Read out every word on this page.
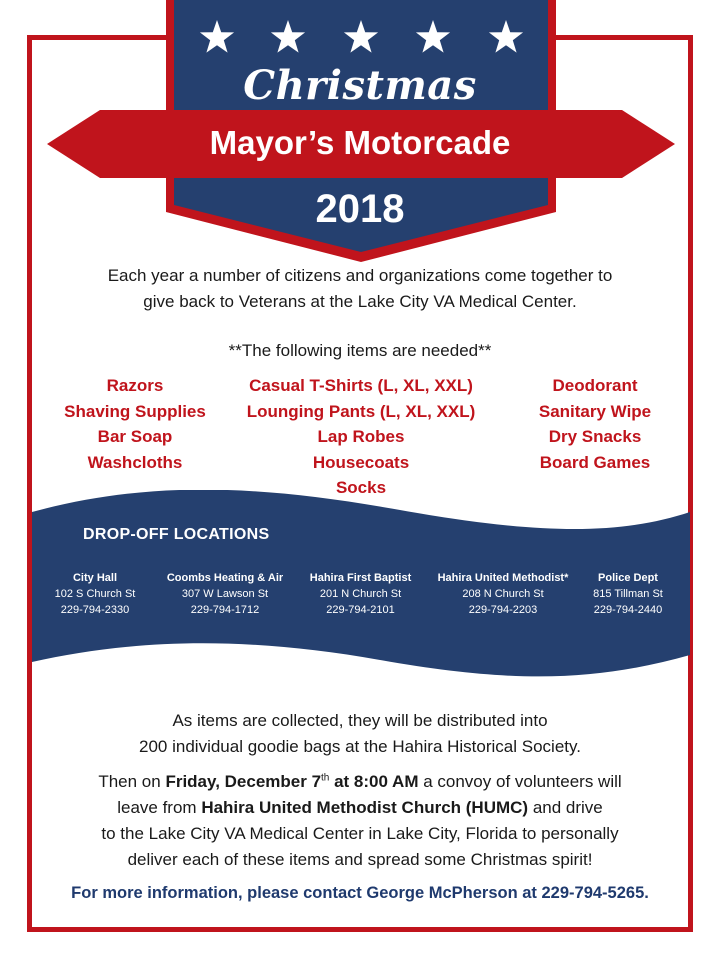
Christmas
Mayor’s Motorcade
2018
Each year a number of citizens and organizations come together to
give back to Veterans at the Lake City VA Medical Center.
**The following items are needed**
Razors
Shaving Supplies
Bar Soap
Washcloths
Casual T-Shirts (L, XL, XXL)
Lounging Pants (L, XL, XXL)
Lap Robes
Housecoats
Socks
Deodorant
Sanitary Wipe
Dry Snacks
Board Games
DROP-OFF LOCATIONS
City Hall
102 S Church St
229-794-2330
Coombs Heating & Air
307 W Lawson St
229-794-1712
Hahira First Baptist
201 N Church St
229-794-2101
Hahira United Methodist*
208 N Church St
229-794-2203
Police Dept
815 Tillman St
229-794-2440
As items are collected, they will be distributed into
200 individual goodie bags at the Hahira Historical Society.
Then on Friday, December 7th at 8:00 AM a convoy of volunteers will
leave from Hahira United Methodist Church (HUMC) and drive
to the Lake City VA Medical Center in Lake City, Florida to personally
deliver each of these items and spread some Christmas spirit!
For more information, please contact George McPherson at 229-794-5265.
